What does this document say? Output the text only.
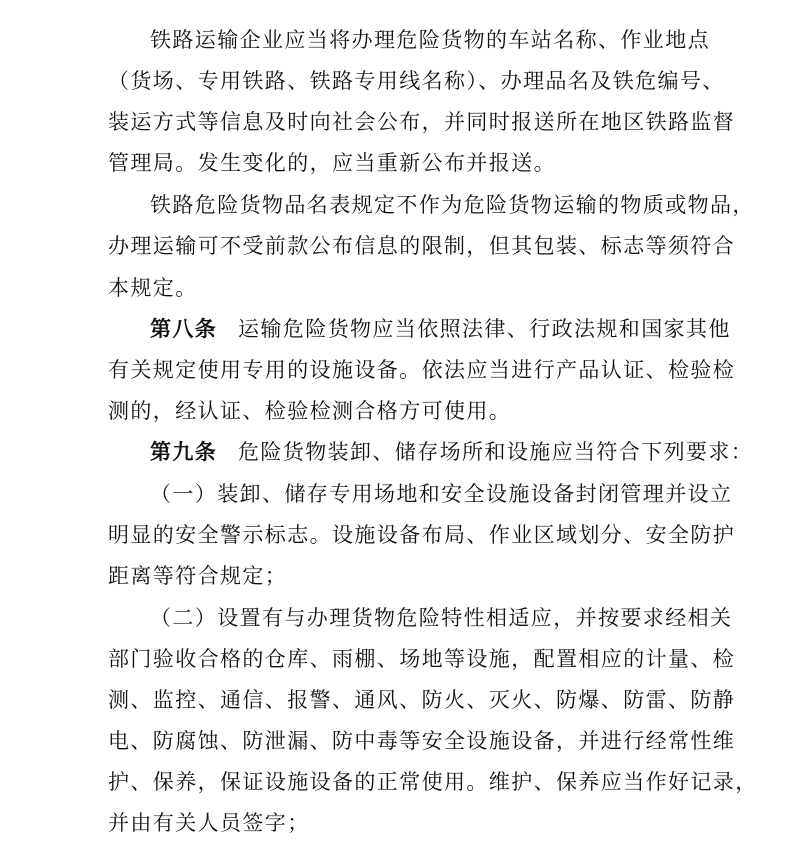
铁路运输企业应当将办理危险货物的车站名称、作业地点
（货场、专用铁路、铁路专用线名称）、办理品名及铁危编号、
装运方式等信息及时向社会公布，并同时报送所在地区铁路监督
管理局。发生变化的，应当重新公布并报送。
铁路危险货物品名表规定不作为危险货物运输的物质或物品，
办理运输可不受前款公布信息的限制，但其包装、标志等须符合
本规定。
第八条 运输危险货物应当依照法律、行政法规和国家其他
有关规定使用专用的设施设备。依法应当进行产品认证、检验检
测的，经认证、检验检测合格方可使用。
第九条 危险货物装卸、储存场所和设施应当符合下列要求：
（一）装卸、储存专用场地和安全设施设备封闭管理并设立
明显的安全警示标志。设施设备布局、作业区域划分、安全防护
距离等符合规定；
（二）设置有与办理货物危险特性相适应，并按要求经相关
部门验收合格的仓库、雨棚、场地等设施，配置相应的计量、检
测、监控、通信、报警、通风、防火、灭火、防爆、防雷、防静
电、防腐蚀、防泄漏、防中毒等安全设施设备，并进行经常性维
护、保养，保证设施设备的正常使用。维护、保养应当作好记录，
并由有关人员签字；
